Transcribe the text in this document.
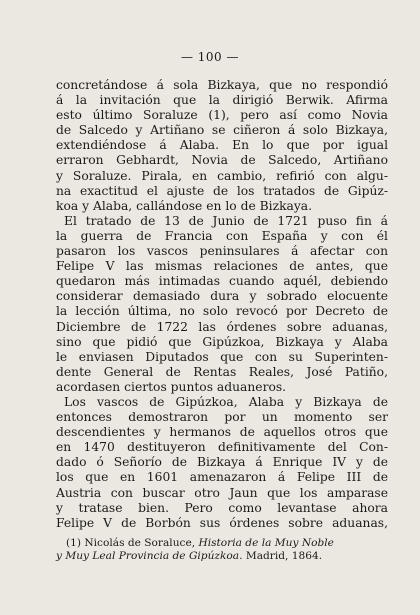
— 100 —
concretándose á sola Bizkaya, que no respondió
á la invitación que la dirigió Berwik. Afirma
esto último Soraluze (1), pero así como Novia
de Salcedo y Artiñano se ciñeron á solo Bizkaya,
extendiéndose á Alaba. En lo que por igual
erraron Gebhardt, Novia de Salcedo, Artiñano
y Soraluze. Pirala, en cambio, refirió con algu-
na exactitud el ajuste de los tratados de Gipúz-
koa y Alaba, callándose en lo de Bizkaya.
El tratado de 13 de Junio de 1721 puso fin á
la guerra de Francia con España y con él
pasaron los vascos peninsulares á afectar con
Felipe V las mismas relaciones de antes, que
quedaron más intimadas cuando aquél, debiendo
considerar demasiado dura y sobrado elocuente
la lección última, no solo revocó por Decreto de
Diciembre de 1722 las órdenes sobre aduanas,
sino que pidió que Gipúzkoa, Bizkaya y Alaba
le enviasen Diputados que con su Superinten-
dente General de Rentas Reales, José Patiño,
acordasen ciertos puntos aduaneros.
Los vascos de Gipúzkoa, Alaba y Bizkaya de
entonces demostraron por un momento ser
descendientes y hermanos de aquellos otros que
en 1470 destituyeron definitivamente del Con-
dado ó Señorío de Bizkaya á Enrique IV y de
los que en 1601 amenazaron á Felipe III de
Austria con buscar otro Jaun que los amparase
y tratase bien. Pero como levantase ahora
Felipe V de Borbón sus órdenes sobre aduanas,
(1) Nicolás de Soraluce, Historia de la Muy Noble
y Muy Leal Provincia de Gipúzkoa. Madrid, 1864.
